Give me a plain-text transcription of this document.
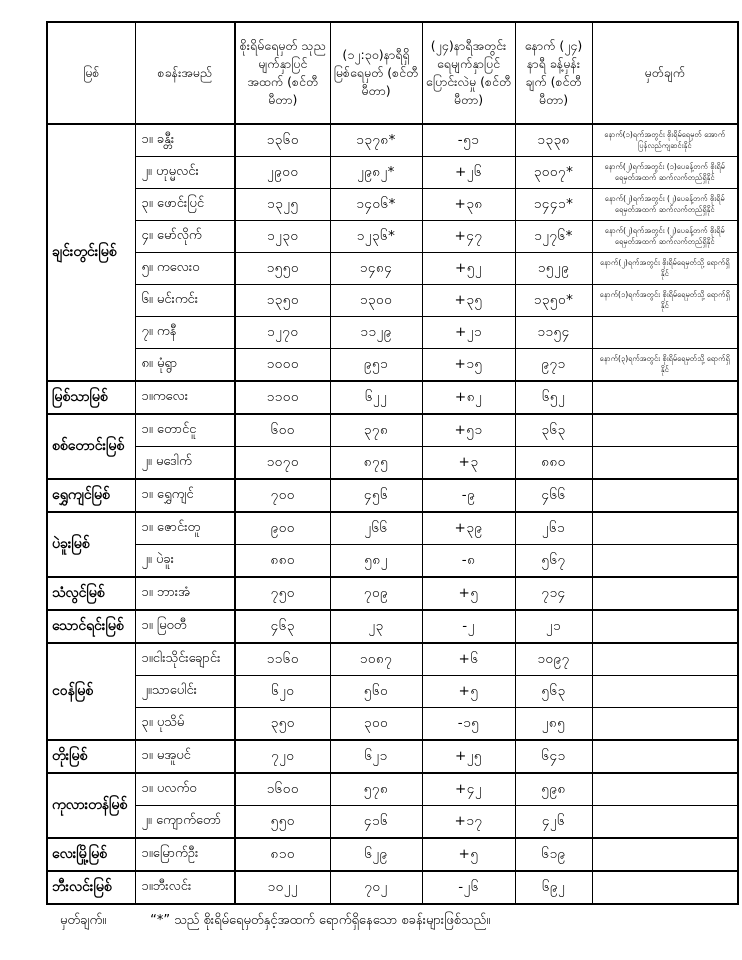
မြစ်	စခန်းအမည်	စိုးရိမ်ရေမှတ် သုညမျက်နှာပြင် အထက် (စင်တီမီတာ)	(၁၂:၃၀)နာရီရှိ မြစ်ရေမှတ် (စင်တီမီတာ)	(၂၄)နာရီအတွင်း ရေမျက်နှာပြင် ပြောင်းလဲမှု (စင်တီမီတာ)	နောက် (၂၄) နာရီ ခန့်မှန်းချက် (စင်တီမီတာ)	မှတ်ချက်
ချင်းတွင်းမြစ်	၁။ ခန္တီး	၁၃၆၀	၁၃၇၈*	-၅၁	၁၃၃၈	နောက်(၁)ရက်အတွင်း စိုးရိမ်ရေမှတ် အောက် ပြန်လည်ကျဆင်းနိုင်
	၂။ ဟုမ္မလင်း	၂၉၀၀	၂၉၈၂*	+၂၆	၃၀၀၇*	နောက်(၂)ရက်အတွင်း (၁)ပေခန့်တက် စိုးရိမ်ရေမှတ်အထက် ဆက်လက်တည်ရှိနိုင်
	၃။ ဖောင်းပြင်	၁၃၂၅	၁၄၀၆*	+၃၈	၁၄၄၁*	နောက်(၂)ရက်အတွင်း (၂)ပေခန့်တက် စိုးရိမ်ရေမှတ်အထက် ဆက်လက်တည်ရှိနိုင်
	၄။ မော်လိုက်	၁၂၃၀	၁၂၃၆*	+၄၇	၁၂၇၆*	နောက်(၂)ရက်အတွင်း (၂)ပေခန့်တက် စိုးရိမ်ရေမှတ်အထက် ဆက်လက်တည်ရှိနိုင်
	၅။ ကလေးဝ	၁၅၅၀	၁၄၈၄	+၅၂	၁၅၂၉	နောက်(၂)ရက်အတွင်း စိုးရိမ်ရေမှတ်သို့ ရောက်ရှိနိုင်
	၆။ မင်းကင်း	၁၃၅၀	၁၃၀၀	+၃၅	၁၃၅၀*	နောက်(၁)ရက်အတွင်း စိုးရိမ်ရေမှတ်သို့ ရောက်ရှိနိုင်
	၇။ ကနီ	၁၂၇၀	၁၁၂၉	+၂၁	၁၁၅၄	
	၈။ မုံရွာ	၁၀၀၀	၉၅၁	+၁၅	၉၇၁	နောက်(၃)ရက်အတွင်း စိုးရိမ်ရေမှတ်သို့ ရောက်ရှိနိုင်
မြစ်သာမြစ်	၁။ကလေး	၁၁၀၀	၆၂၂	+၈၂	၆၅၂	
စစ်တောင်းမြစ်	၁။ တောင်ငူ	၆၀၀	၃၇၈	+၅၁	၃၆၃	
	၂။ မဒေါက်	၁၀၇၀	၈၇၅	+၃	၈၈၀	
ရွှေကျင်မြစ်	၁။ ရွှေကျင်	၇၀၀	၄၅၆	-၉	၄၆၆	
ပဲခူးမြစ်	၁။ ဇောင်းတူ	၉၀၀	၂၆၆	+၃၉	၂၆၁	
	၂။ ပဲခူး	၈၈၀	၅၈၂	-၈	၅၆၇	
သံလွင်မြစ်	၁။ ဘားအံ	၇၅၀	၇၀၉	+၅	၇၁၄	
သောင်ရင်းမြစ်	၁။ မြဝတီ	၄၆၃	၂၃	-၂	၂၁	
ငဝန်မြစ်	၁။ငါးသိုင်းချောင်း	၁၁၆၀	၁၀၈၇	+၆	၁၀၉၇	
	၂။သာပေါင်း	၆၂၀	၅၆၀	+၅	၅၆၃	
	၃။ ပုသိမ်	၃၅၀	၃၀၀	-၁၅	၂၈၅	
တိုးမြစ်	၁။ မအူပင်	၇၂၀	၆၂၁	+၂၅	၆၄၁	
ကုလားတန်မြစ်	၁။ ပလက်ဝ	၁၆၀၀	၅၇၈	+၄၂	၅၉၈	
	၂။ ကျောက်တော်	၅၅၀	၄၁၆	+၁၇	၄၂၆	
လေးမြို့မြစ်	၁။မြောက်ဦး	၈၁၀	၆၂၉	+၅	၆၁၉	
ဘီးလင်းမြစ်	၁။ဘီးလင်း	၁၀၂၂	၇၀၂	-၂၆	၆၉၂	
မှတ်ချက်။	“*” သည် စိုးရိမ်ရေမှတ်နှင့်အထက် ရောက်ရှိနေသော စခန်းများဖြစ်သည်။
